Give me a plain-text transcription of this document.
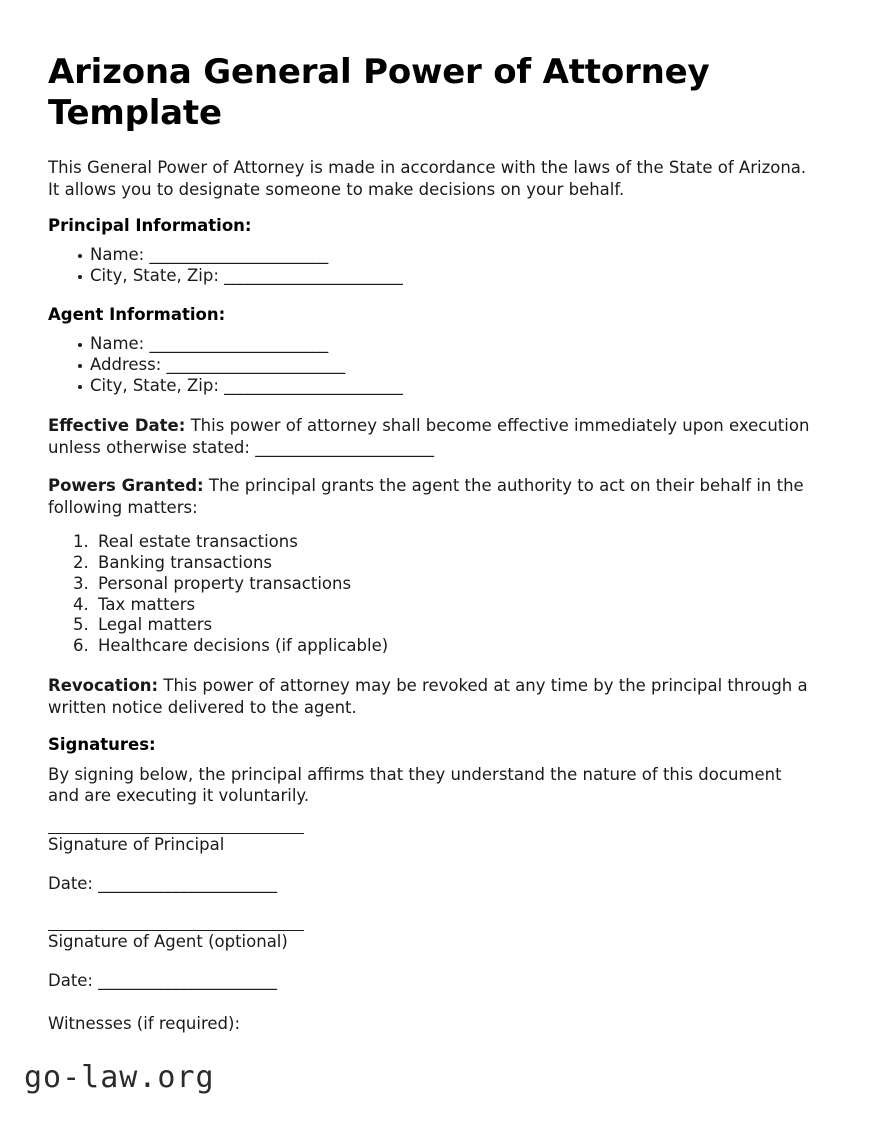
Arizona General Power of Attorney Template

This General Power of Attorney is made in accordance with the laws of the State of Arizona. It allows you to designate someone to make decisions on your behalf.

Principal Information:
Name: _______________________
City, State, Zip: _______________________
Agent Information:
Name: _______________________
Address: _______________________
City, State, Zip: _______________________

Effective Date: This power of attorney shall become effective immediately upon execution unless otherwise stated: _______________________

Powers Granted: The principal grants the agent the authority to act on their behalf in the following matters:

1. Real estate transactions
2. Banking transactions
3. Personal property transactions
4. Tax matters
5. Legal matters
6. Healthcare decisions (if applicable)

Revocation: This power of attorney may be revoked at any time by the principal through a written notice delivered to the agent.

Signatures:

By signing below, the principal affirms that they understand the nature of this document and are executing it voluntarily.

Signature of Principal

Date: _______________________

Signature of Agent (optional)

Date: _______________________

Witnesses (if required):

go-law.org
